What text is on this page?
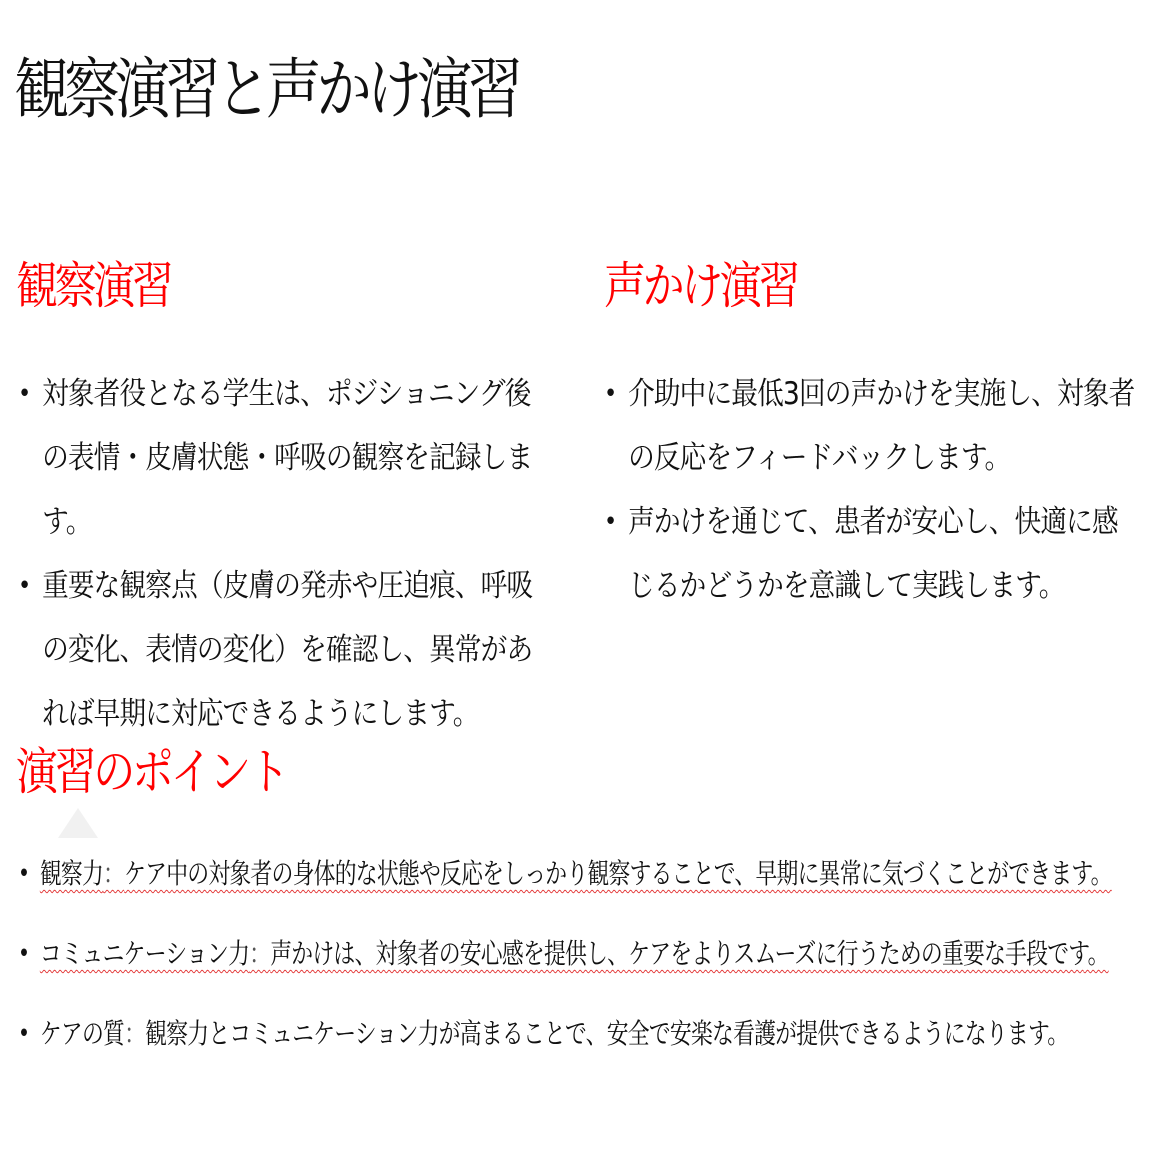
観察演習と声かけ演習
観察演習
• 対象者役となる学生は、ポジショニング後の表情・皮膚状態・呼吸の観察を記録します。
• 重要な観察点（皮膚の発赤や圧迫痕、呼吸の変化、表情の変化）を確認し、異常があれば早期に対応できるようにします。
声かけ演習
• 介助中に最低3回の声かけを実施し、対象者の反応をフィードバックします。
• 声かけを通じて、患者が安心し、快適に感じるかどうかを意識して実践します。
演習のポイント
• 観察力：ケア中の対象者の身体的な状態や反応をしっかり観察することで、早期に異常に気づくことができます。
• コミュニケーション力：声かけは、対象者の安心感を提供し、ケアをよりスムーズに行うための重要な手段です。
• ケアの質：観察力とコミュニケーション力が高まることで、安全で安楽な看護が提供できるようになります。
